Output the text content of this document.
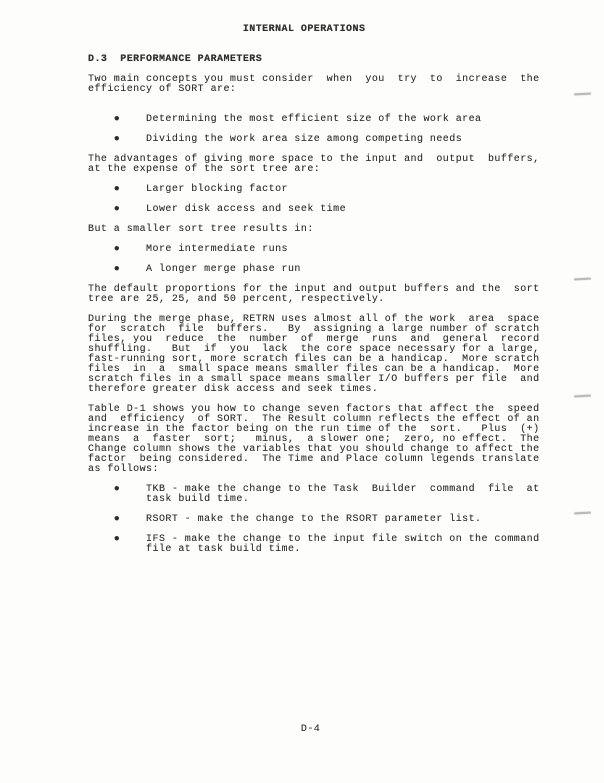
INTERNAL OPERATIONS

D.3  PERFORMANCE PARAMETERS

Two main concepts you must consider  when  you  try  to  increase  the
efficiency of SORT are:

●    Determining the most efficient size of the work area

●    Dividing the work area size among competing needs

The advantages of giving more space to the input and  output  buffers,
at the expense of the sort tree are:

●    Larger blocking factor

●    Lower disk access and seek time

But a smaller sort tree results in:

●    More intermediate runs

●    A longer merge phase run

The default proportions for the input and output buffers and the  sort
tree are 25, 25, and 50 percent, respectively.

During the merge phase, RETRN uses almost all of the work  area  space
for  scratch  file  buffers.   By  assigning a large number of scratch
files, you  reduce  the  number  of  merge  runs  and  general  record
shuffling.   But  if  you  lack  the core space necessary for a large,
fast-running sort, more scratch files can be a handicap.  More scratch
files  in  a  small space means smaller files can be a handicap.  More
scratch files in a small space means smaller I/O buffers per file  and
therefore greater disk access and seek times.

Table D-1 shows you how to change seven factors that affect the  speed
and  efficiency  of SORT.  The Result column reflects the effect of an
increase in the factor being on the run time of the  sort.   Plus  (+)
means  a  faster  sort;   minus,  a slower one;  zero, no effect.  The
Change column shows the variables that you should change to affect the
factor  being considered.  The Time and Place column legends translate
as follows:

●    TKB - make the change to the Task  Builder  command  file  at
task build time.

●    RSORT - make the change to the RSORT parameter list.

●    IFS - make the change to the input file switch on the command
file at task build time.

D-4
